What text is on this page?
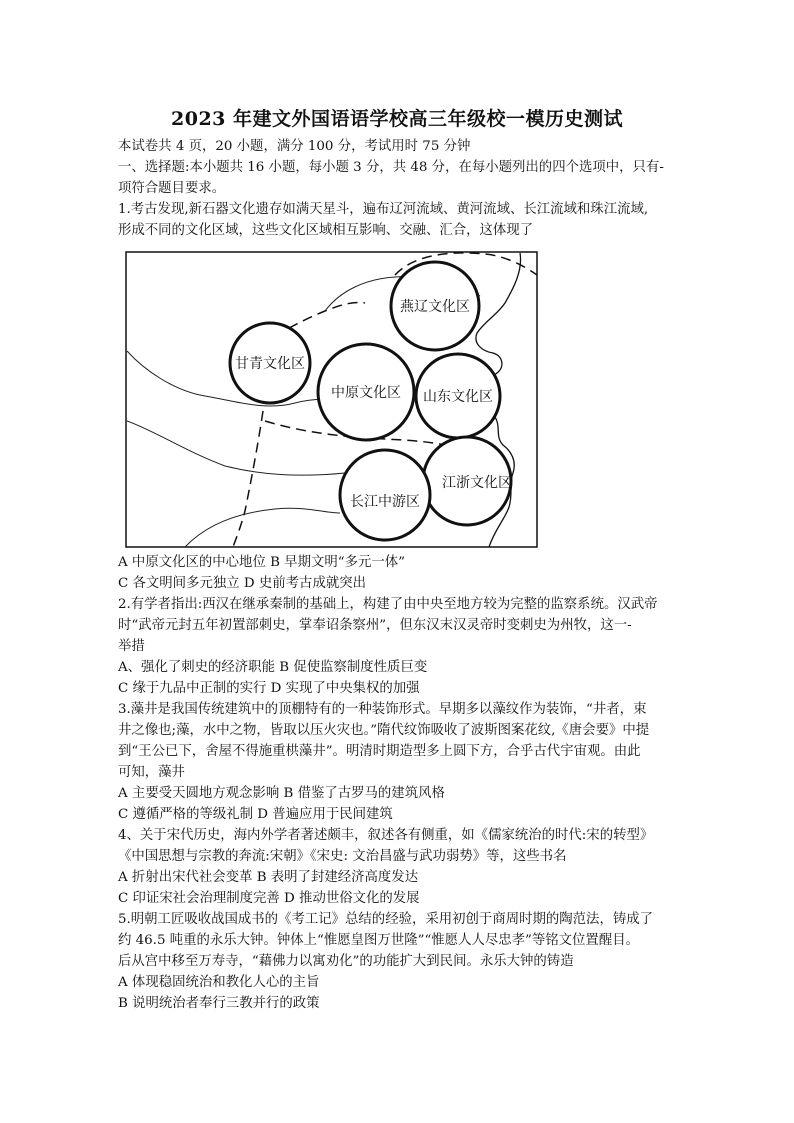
2023 年建文外国语语学校高三年级校一模历史测试
本试卷共 4 页，20 小题，满分 100 分，考试用时 75 分钟
一、选择题:本小题共 16 小题，每小题 3 分，共 48 分，在每小题列出的四个选项中，只有-
项符合题目要求。
1.考古发现,新石器文化遗存如满天星斗，遍布辽河流域、黄河流域、长江流域和珠江流域,
形成不同的文化区域，这些文化区域相互影响、交融、汇合，这体现了
燕辽文化区
甘青文化区
中原文化区 山东文化区
江浙文化区
长江中游区
A 中原文化区的中心地位 B 早期文明“多元一体”
C 各文明间多元独立 D 史前考古成就突出
2.有学者指出:西汉在继承秦制的基础上，构建了由中央至地方较为完整的监察系统。汉武帝
时“武帝元封五年初置部刺史，掌奉诏条察州”，但东汉末汉灵帝时变刺史为州牧，这一-
举措
A、强化了刺史的经济职能 B 促使监察制度性质巨变
C 缘于九品中正制的实行 D 实现了中央集权的加强
3.藻井是我国传统建筑中的顶棚特有的一种装饰形式。早期多以藻纹作为装饰，“井者，束
井之像也;藻，水中之物，皆取以压火灾也。”隋代纹饰吸收了波斯图案花纹,《唐会要》中提
到“王公已下，舍屋不得施重栱藻井”。明清时期造型多上圆下方，合乎古代宇宙观。由此
可知，藻井
A 主要受天圆地方观念影响 B 借鉴了古罗马的建筑风格
C 遵循严格的等级礼制 D 普遍应用于民间建筑
4、关于宋代历史，海内外学者著述颇丰，叙述各有侧重，如《儒家统治的时代:宋的转型》
《中国思想与宗教的奔流:宋朝》《宋史: 文治昌盛与武功弱势》等，这些书名
A 折射出宋代社会变革 B 表明了封建经济高度发达
C 印证宋社会治理制度完善 D 推动世俗文化的发展
5.明朝工匠吸收战国成书的《考工记》总结的经验，采用初创于商周时期的陶范法，铸成了
约 46.5 吨重的永乐大钟。钟体上“惟愿皇图万世隆”“惟愿人人尽忠孝”等铭文位置醒目。
后从宫中移至万寿寺，“藉佛力以寓劝化”的功能扩大到民间。永乐大钟的铸造
A 体现稳固统治和教化人心的主旨
B 说明统治者奉行三教并行的政策
